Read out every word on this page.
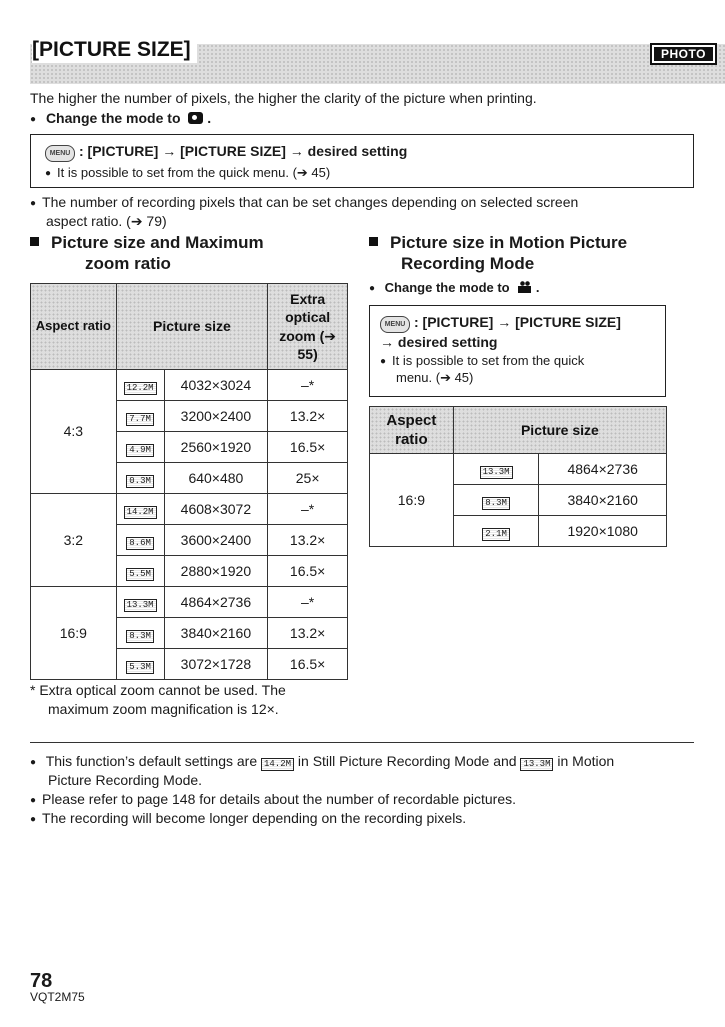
[PICTURE SIZE]	PHOTO
The higher the number of pixels, the higher the clarity of the picture when printing.
● Change the mode to  .
MENU : [PICTURE] → [PICTURE SIZE] → desired setting
● It is possible to set from the quick menu. (➔ 45)
● The number of recording pixels that can be set changes depending on selected screen
aspect ratio. (➔ 79)
Picture size and Maximum
zoom ratio
Aspect ratio	Picture size		Extra optical zoom (➔ 55)
4:3	12.2M	4032×3024	–*
	7.7M	3200×2400	13.2×
	4.9M	2560×1920	16.5×
	0.3M	640×480	25×
3:2	14.2M	4608×3072	–*
	8.6M	3600×2400	13.2×
	5.5M	2880×1920	16.5×
16:9	13.3M	4864×2736	–*
	8.3M	3840×2160	13.2×
	5.3M	3072×1728	16.5×
* Extra optical zoom cannot be used. The
maximum zoom magnification is 12×.
Picture size in Motion Picture
Recording Mode
● Change the mode to  .
MENU : [PICTURE] → [PICTURE SIZE]
→ desired setting
● It is possible to set from the quick
menu. (➔ 45)
Aspect ratio	Picture size	
16:9	13.3M	4864×2736
	8.3M	3840×2160
	2.1M	1920×1080
● This function’s default settings are 14.2M in Still Picture Recording Mode and 13.3M in Motion
Picture Recording Mode.
● Please refer to page 148 for details about the number of recordable pictures.
● The recording will become longer depending on the recording pixels.
78
VQT2M75
